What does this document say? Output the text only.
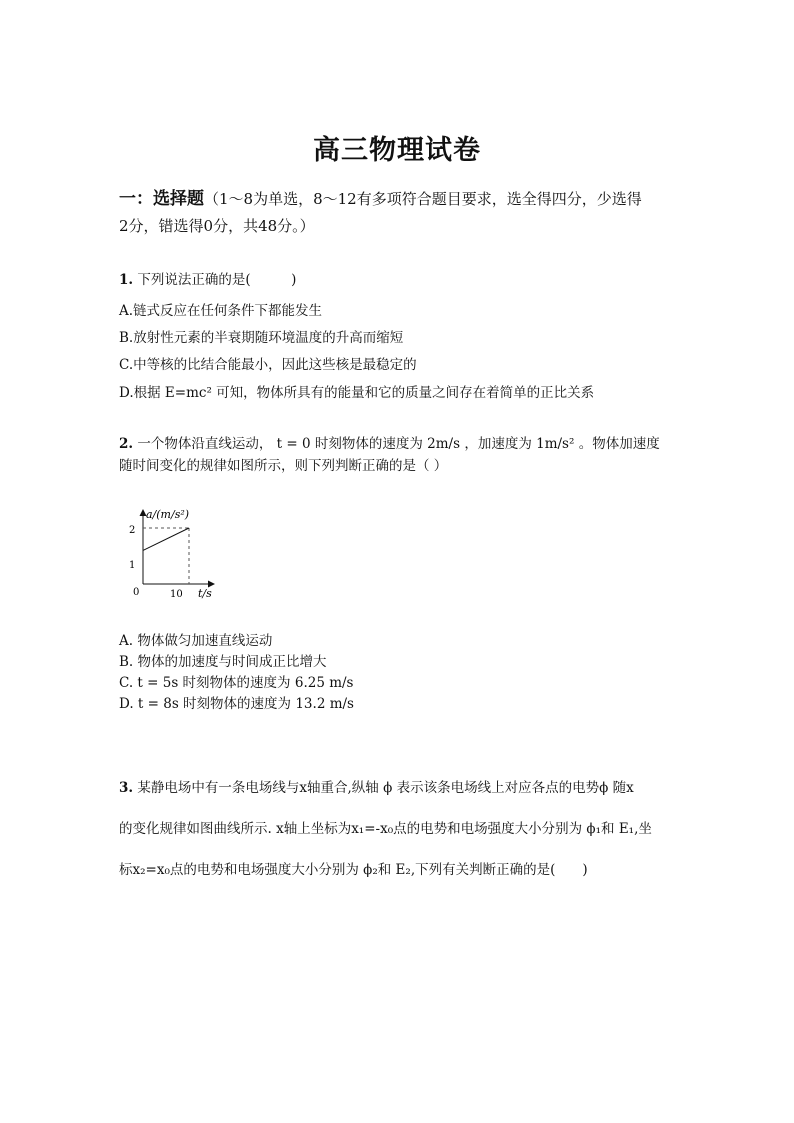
高三物理试卷
一：选择题（1～8为单选，8～12有多项符合题目要求，选全得四分，少选得
2分，错选得0分，共48分。）
1. 下列说法正确的是(　　　)
A.链式反应在任何条件下都能发生
B.放射性元素的半衰期随环境温度的升高而缩短
C.中等核的比结合能最小，因此这些核是最稳定的
D.根据 E=mc² 可知，物体所具有的能量和它的质量之间存在着简单的正比关系
2. 一个物体沿直线运动， t = 0 时刻物体的速度为 2m/s ，加速度为 1m/s² 。物体加速度
随时间变化的规律如图所示，则下列判断正确的是（ ）
a/(m/s²)
t/s
0	10
1
2
A. 物体做匀加速直线运动
B. 物体的加速度与时间成正比增大
C. t = 5s 时刻物体的速度为 6.25 m/s
D. t = 8s 时刻物体的速度为 13.2 m/s
3. 某静电场中有一条电场线与x轴重合,纵轴 ϕ 表示该条电场线上对应各点的电势ϕ 随x
的变化规律如图曲线所示. x轴上坐标为x₁=-x₀点的电势和电场强度大小分别为 ϕ₁和 E₁,坐
标x₂=x₀点的电势和电场强度大小分别为 ϕ₂和 E₂,下列有关判断正确的是(　　)
